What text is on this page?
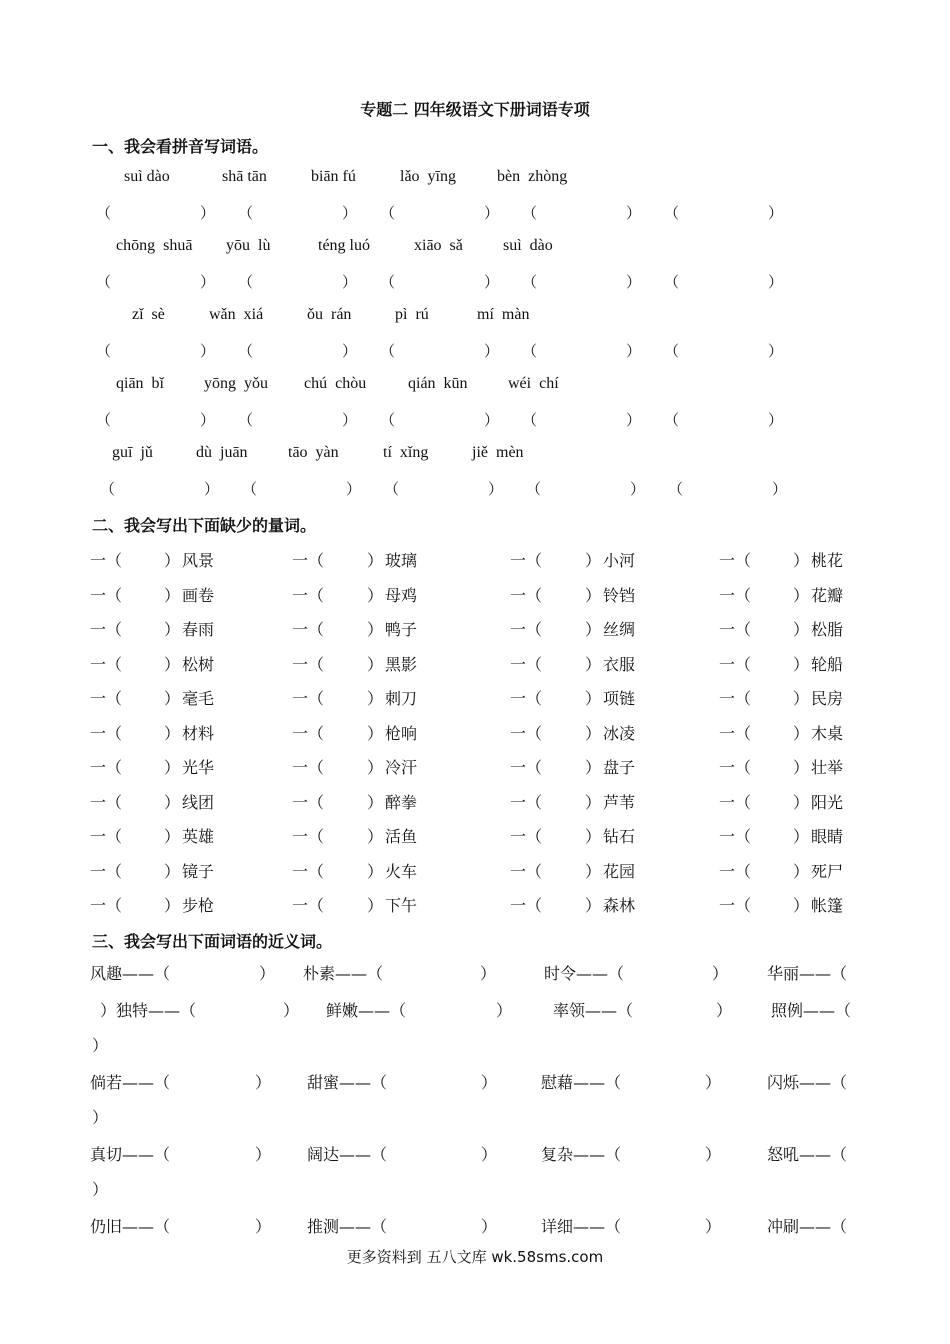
专题二 四年级语文下册词语专项
一、我会看拼音写词语。
suì dào	shā tān	biān fú	lǎo  yīng	bèn  zhòng
（	） （	） （	） （	） （	）
chōng  shuā yōu  lù	téng luó	xiāo  sǎ	suì  dào
（	） （	） （	） （	） （	）
zǐ  sè	wǎn  xiá	ǒu  rán	pì  rú	mí  màn
（	） （	） （	） （	） （	）
qiān  bǐ	yōng  yǒu chú  chòu	qián  kūn	wéi  chí
（	） （	） （	） （	） （	）
guī  jǔ	dù  juān	tāo  yàn	tí  xǐng	jiě  mèn
（	） （	） （	） （	） （	）
二、我会写出下面缺少的量词。
一（	） 风景	一（	） 玻璃	一（	） 小河	一（	） 桃花
一（	） 画卷	一（	） 母鸡	一（	） 铃铛	一（	） 花瓣
一（	） 春雨	一（	） 鸭子	一（	） 丝绸	一（	） 松脂
一（	） 松树	一（	） 黑影	一（	） 衣服	一（	） 轮船
一（	） 毫毛	一（	） 刺刀	一（	） 项链	一（	） 民房
一（	） 材料	一（	） 枪响	一（	） 冰凌	一（	） 木桌
一（	） 光华	一（	） 冷汗	一（	） 盘子	一（	） 壮举
一（	） 线团	一（	） 醉拳	一（	） 芦苇	一（	） 阳光
一（	） 英雄	一（	） 活鱼	一（	） 钻石	一（	） 眼睛
一（	） 镜子	一（	） 火车	一（	） 花园	一（	） 死尸
一（	） 步枪	一（	） 下午	一（	） 森林	一（	） 帐篷
三、我会写出下面词语的近义词。
风趣——（	） 朴素——（	）	时令——（	） 华丽——（
） 独特——（	） 鲜嫩——（	）	率领——（	） 照例——（
）
倘若——（	） 甜蜜——（	）	慰藉——（	）	闪烁——（
）
真切——（	） 阔达——（	）	复杂——（	）	怒吼——（
）
仍旧——（	） 推测——（	）	详细——（	）	冲刷——（
更多资料到 五八文库 wk.58sms.com
